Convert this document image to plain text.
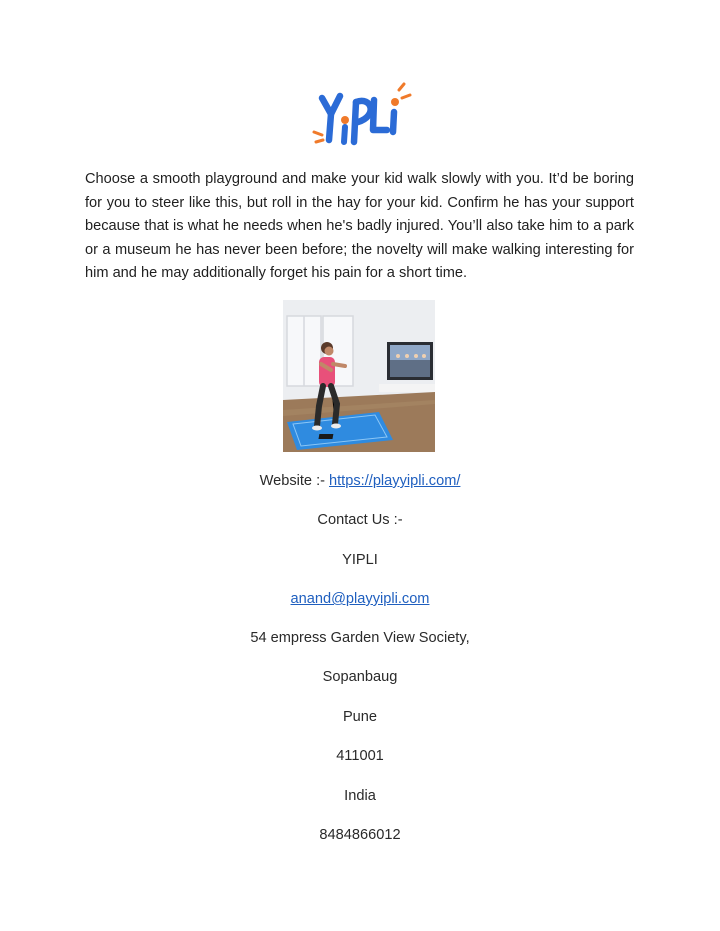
Choose a smooth playground and make your kid walk slowly with you. It’d be boring for you to steer like this, but roll in the hay for your kid. Confirm he has your support because that is what he needs when he's badly injured. You’ll also take him to a park or a museum he has never been before; the novelty will make walking interesting for him and he may additionally forget his pain for a short time.

Website :- https://playyipli.com/
Contact Us :-
YIPLI
anand@playyipli.com
54 empress Garden View Society,
Sopanbaug
Pune
411001
India
8484866012
